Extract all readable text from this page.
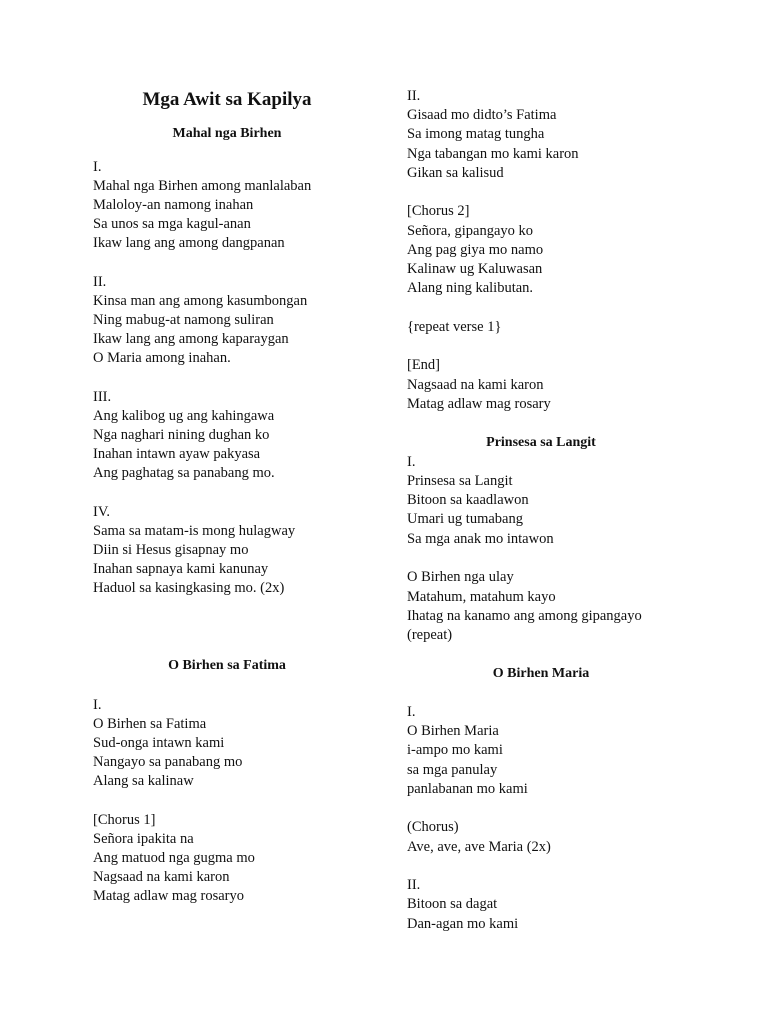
Mga Awit sa Kapilya
Mahal nga Birhen

I.

Mahal nga Birhen among manlalaban

Maloloy-an namong inahan

Sa unos sa mga kagul-anan

Ikaw lang ang among dangpanan

II.

Kinsa man ang among kasumbongan

Ning mabug-at namong suliran

Ikaw lang ang among kaparaygan

O Maria among inahan.

III.

Ang kalibog ug ang kahingawa

Nga naghari nining dughan ko

Inahan intawn ayaw pakyasa

Ang paghatag sa panabang mo.

IV.

Sama sa matam-is mong hulagway

Diin si Hesus gisapnay mo

Inahan sapnaya kami kanunay

Haduol sa kasingkasing mo. (2x)

O Birhen sa Fatima

I.

O Birhen sa Fatima

Sud-onga intawn kami

Nangayo sa panabang mo

Alang sa kalinaw

[Chorus 1]

Señora ipakita na

Ang matuod nga gugma mo

Nagsaad na kami karon

Matag adlaw mag rosaryo

II.

Gisaad mo didto’s Fatima

Sa imong matag tungha

Nga tabangan mo kami karon

Gikan sa kalisud

[Chorus 2]

Señora, gipangayo ko

Ang pag giya mo namo

Kalinaw ug Kaluwasan

Alang ning kalibutan.

{repeat verse 1}

[End]

Nagsaad na kami karon

Matag adlaw mag rosary

Prinsesa sa Langit

I.

Prinsesa sa Langit

Bitoon sa kaadlawon

Umari ug tumabang

Sa mga anak mo intawon

O Birhen nga ulay

Matahum, matahum kayo

Ihatag na kanamo ang among gipangayo

(repeat)

O Birhen Maria

I.

O Birhen Maria

i-ampo mo kami

sa mga panulay

panlabanan mo kami

(Chorus)

Ave, ave, ave Maria (2x)

II.

Bitoon sa dagat

Dan-agan mo kami
